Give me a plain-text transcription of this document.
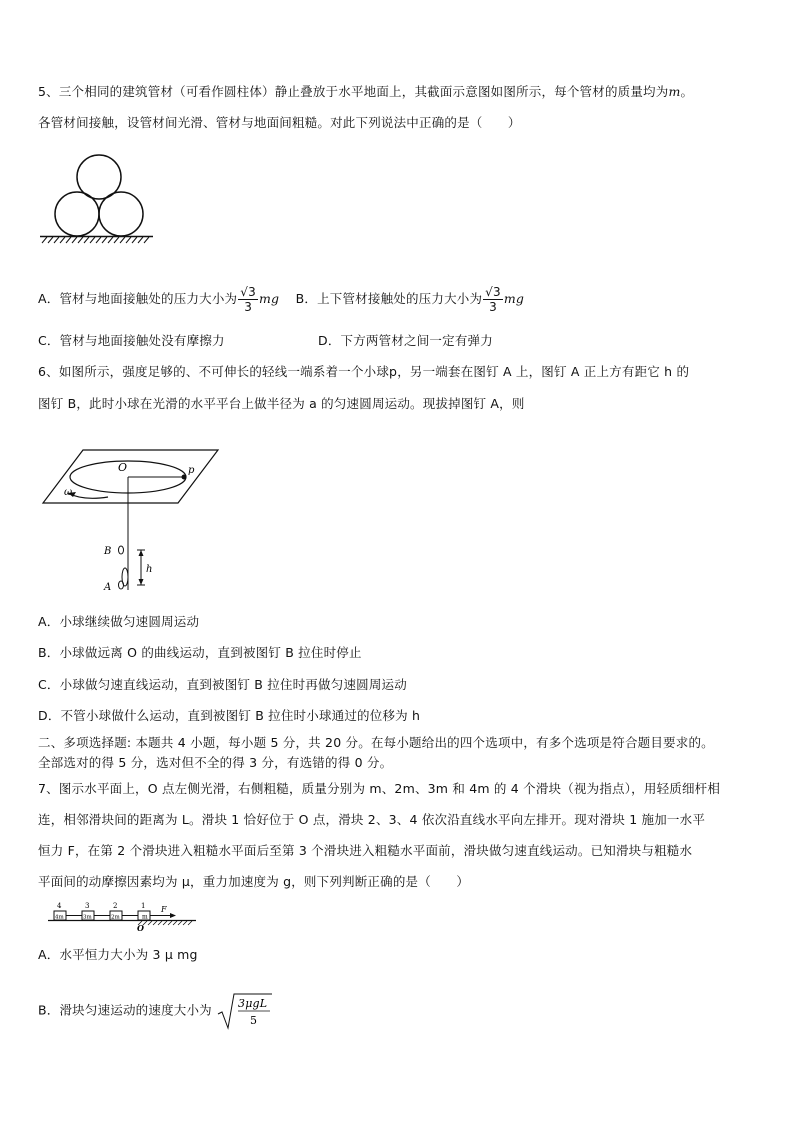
5、三个相同的建筑管材（可看作圆柱体）静止叠放于水平地面上，其截面示意图如图所示，每个管材的质量均为m。
各管材间接触，设管材间光滑、管材与地面间粗糙。对此下列说法中正确的是（　　）
A．管材与地面接触处的压力大小为 $\frac{√3}{3}$ mg B．上下管材接触处的压力大小为 $\frac{√3}{3}$ mg
C．管材与地面接触处没有摩擦力	D．下方两管材之间一定有弹力
6、如图所示，强度足够的、不可伸长的轻线一端系着一个小球p，另一端套在图钉 A 上，图钉 A 正上方有距它 h 的
图钉 B，此时小球在光滑的水平平台上做半径为 a 的匀速圆周运动。现拔掉图钉 A，则
O	p
ω
B
A
h
A．小球继续做匀速圆周运动
B．小球做远离 O 的曲线运动，直到被图钉 B 拉住时停止
C．小球做匀速直线运动，直到被图钉 B 拉住时再做匀速圆周运动
D．不管小球做什么运动，直到被图钉 B 拉住时小球通过的位移为 h
二、多项选择题: 本题共 4 小题，每小题 5 分，共 20 分。在每小题给出的四个选项中，有多个选项是符合题目要求的。
全部选对的得 5 分，选对但不全的得 3 分，有选错的得 0 分。
7、图示水平面上，O 点左侧光滑，右侧粗糙，质量分别为 m、2m、3m 和 4m 的 4 个滑块（视为指点），用轻质细杆相
连，相邻滑块间的距离为 L。滑块 1 恰好位于 O 点，滑块 2、3、4 依次沿直线水平向左排开。现对滑块 1 施加一水平
恒力 F，在第 2 个滑块进入粗糙水平面后至第 3 个滑块进入粗糙水平面前，滑块做匀速直线运动。已知滑块与粗糙水
平面间的动摩擦因素均为 μ，重力加速度为 g，则下列判断正确的是（　　）
4	3	2	1
4m	3m	2m	m
F
O
A．水平恒力大小为 3 μ mg
B．滑块匀速运动的速度大小为 3μgL
5
